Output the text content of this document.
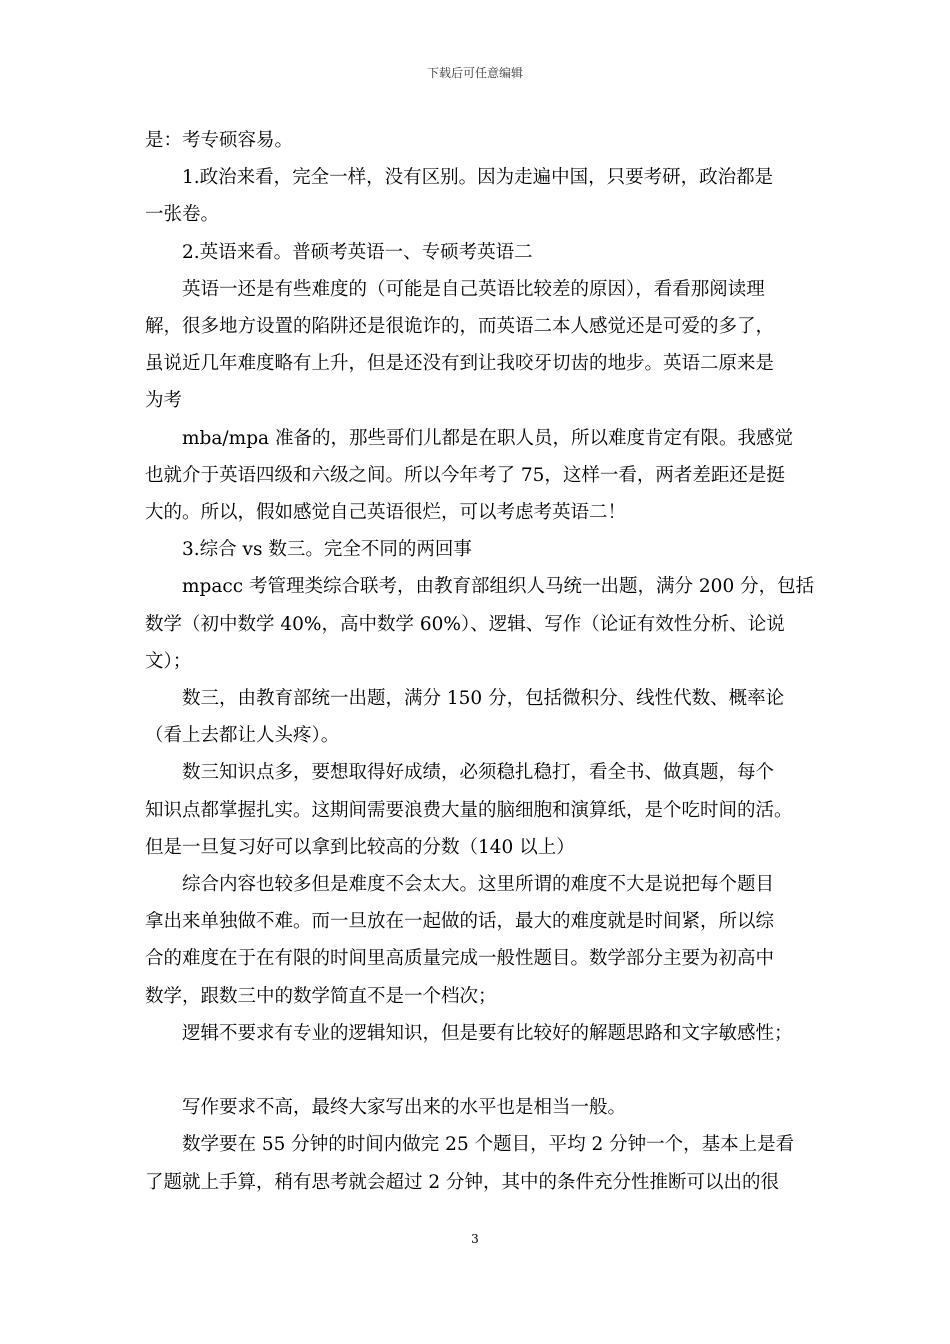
下载后可任意编辑
是：考专硕容易。
1.政治来看，完全一样，没有区别。因为走遍中国，只要考研，政治都是
一张卷。
2.英语来看。普硕考英语一、专硕考英语二
英语一还是有些难度的（可能是自己英语比较差的原因），看看那阅读理
解，很多地方设置的陷阱还是很诡诈的，而英语二本人感觉还是可爱的多了，
虽说近几年难度略有上升，但是还没有到让我咬牙切齿的地步。英语二原来是
为考
mba/mpa 准备的，那些哥们儿都是在职人员，所以难度肯定有限。我感觉
也就介于英语四级和六级之间。所以今年考了 75，这样一看，两者差距还是挺
大的。所以，假如感觉自己英语很烂，可以考虑考英语二！
3.综合 vs 数三。完全不同的两回事
mpacc 考管理类综合联考，由教育部组织人马统一出题，满分 200 分，包括
数学（初中数学 40%，高中数学 60%）、逻辑、写作（论证有效性分析、论说
文）；
数三，由教育部统一出题，满分 150 分，包括微积分、线性代数、概率论
（看上去都让人头疼）。
数三知识点多，要想取得好成绩，必须稳扎稳打，看全书、做真题，每个
知识点都掌握扎实。这期间需要浪费大量的脑细胞和演算纸，是个吃时间的活。
但是一旦复习好可以拿到比较高的分数（140 以上）
综合内容也较多但是难度不会太大。这里所谓的难度不大是说把每个题目
拿出来单独做不难。而一旦放在一起做的话，最大的难度就是时间紧，所以综
合的难度在于在有限的时间里高质量完成一般性题目。数学部分主要为初高中
数学，跟数三中的数学简直不是一个档次；
逻辑不要求有专业的逻辑知识，但是要有比较好的解题思路和文字敏感性；
写作要求不高，最终大家写出来的水平也是相当一般。
数学要在 55 分钟的时间内做完 25 个题目，平均 2 分钟一个，基本上是看
了题就上手算，稍有思考就会超过 2 分钟，其中的条件充分性推断可以出的很
3
